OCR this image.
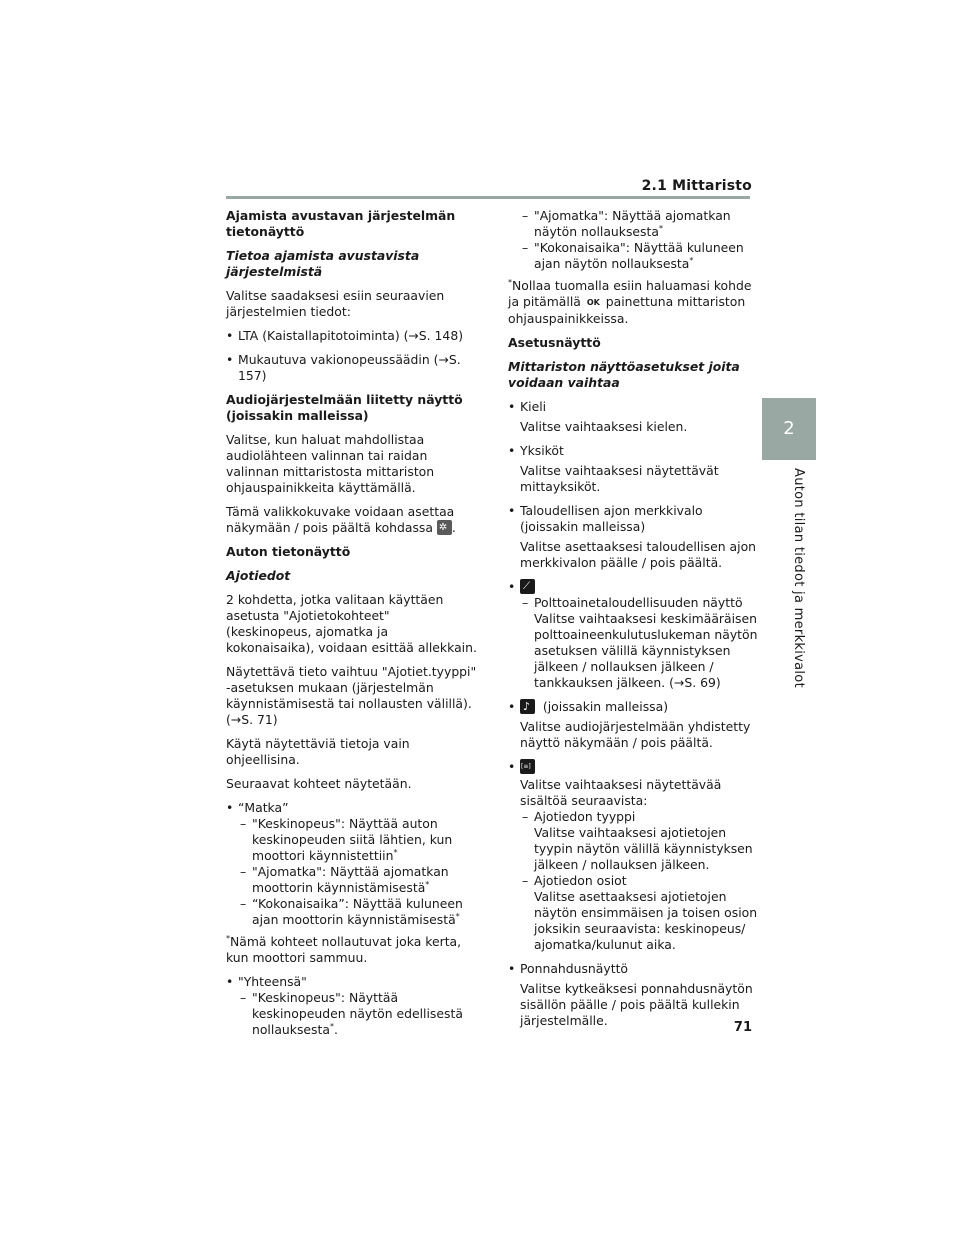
2.1 Mittaristo
2
Auton tilan tiedot ja merkkivalot

Ajamista avustavan järjestelmän tietonäyttö

Tietoa ajamista avustavista järjestelmistä

Valitse saadaksesi esiin seuraavien järjestelmien tiedot:

• LTA (Kaistallapitotoiminta) (→S. 148)

• Mukautuva vakionopeussäädin (→S. 157)

Audiojärjestelmään liitetty näyttö (joissakin malleissa)

Valitse, kun haluat mahdollistaa audiolähteen valinnan tai raidan valinnan mittaristosta mittariston ohjauspainikkeita käyttämällä.

Tämä valikkokuvake voidaan asettaa näkymään / pois päältä kohdassa ✲ .

Auton tietonäyttö

Ajotiedot

2 kohdetta, jotka valitaan käyttäen asetusta "Ajotietokohteet" (keskinopeus, ajomatka ja kokonaisaika), voidaan esittää allekkain.

Näytettävä tieto vaihtuu "Ajotiet.tyyppi" -asetuksen mukaan (järjestelmän käynnistämisestä tai nollausten välillä). (→S. 71)

Käytä näytettäviä tietoja vain ohjeellisina.

Seuraavat kohteet näytetään.

• “Matka”

– "Keskinopeus": Näyttää auton keskinopeuden siitä lähtien, kun moottori käynnistettiin*

– "Ajomatka": Näyttää ajomatkan moottorin käynnistämisestä*

– “Kokonaisaika”: Näyttää kuluneen ajan moottorin käynnistämisestä*

*Nämä kohteet nollautuvat joka kerta, kun moottori sammuu.

• "Yhteensä"

– "Keskinopeus": Näyttää keskinopeuden näytön edellisestä nollauksesta*.

– "Ajomatka": Näyttää ajomatkan näytön nollauksesta*

– "Kokonaisaika": Näyttää kuluneen ajan näytön nollauksesta*

*Nollaa tuomalla esiin haluamasi kohde ja pitämällä OK painettuna mittariston ohjauspainikkeissa.

Asetusnäyttö

Mittariston näyttöasetukset joita voidaan vaihtaa

• Kieli

Valitse vaihtaaksesi kielen.

• Yksiköt

Valitse vaihtaaksesi näytettävät mittayksiköt.

• Taloudellisen ajon merkkivalo (joissakin malleissa)

Valitse asettaaksesi taloudellisen ajon merkkivalon päälle / pois päältä.

• ⟋

– Polttoainetaloudellisuuden näyttö

Valitse vaihtaaksesi keskimääräisen polttoaineenkulutuslukeman näytön asetuksen välillä käynnistyksen jälkeen / nollauksen jälkeen / tankkauksen jälkeen. (→S. 69)

♪  • (joissakin malleissa)

Valitse audiojärjestelmään yhdistetty näyttö näkymään / pois päältä.

• [≡]

Valitse vaihtaaksesi näytettävää sisältöä seuraavista:

– Ajotiedon tyyppi

Valitse vaihtaaksesi ajotietojen tyypin näytön välillä käynnistyksen jälkeen / nollauksen jälkeen.

– Ajotiedon osiot

Valitse asettaaksesi ajotietojen näytön ensimmäisen ja toisen osion joksikin seuraavista: keskinopeus/ ajomatka/kulunut aika.

• Ponnahdusnäyttö

Valitse kytkeäksesi ponnahdusnäytön sisällön päälle / pois päältä kullekin järjestelmälle.	71
